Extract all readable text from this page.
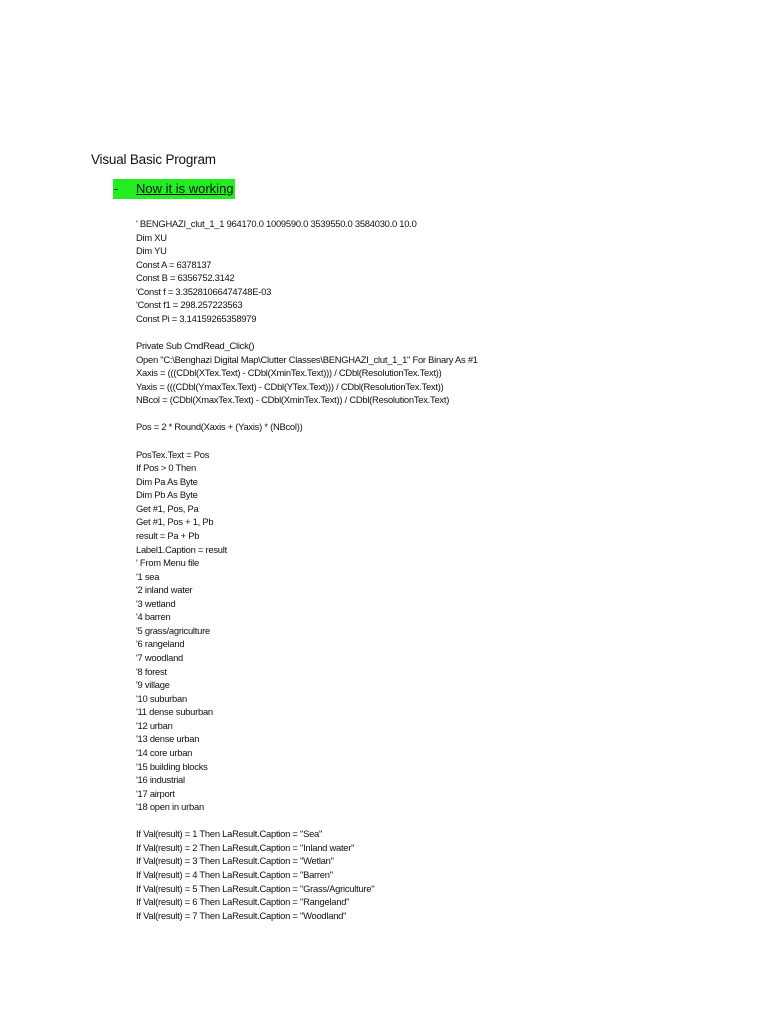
Visual Basic Program
- Now it is working
' BENGHAZI_clut_1_1 964170.0 1009590.0 3539550.0 3584030.0 10.0
Dim XU
Dim YU
Const A = 6378137
Const B = 6356752.3142
'Const f = 3.35281066474748E-03
'Const f1 = 298.257223563
Const Pi = 3.14159265358979
Private Sub CmdRead_Click()
Open "C:\Benghazi Digital Map\Clutter Classes\BENGHAZI_clut_1_1" For Binary As #1
Xaxis = (((CDbl(XTex.Text) - CDbl(XminTex.Text))) / CDbl(ResolutionTex.Text))
Yaxis = (((CDbl(YmaxTex.Text) - CDbl(YTex.Text))) / CDbl(ResolutionTex.Text))
NBcol = (CDbl(XmaxTex.Text) - CDbl(XminTex.Text)) / CDbl(ResolutionTex.Text)
Pos = 2 * Round(Xaxis + (Yaxis) * (NBcol))
PosTex.Text = Pos
If Pos > 0 Then
Dim Pa As Byte
Dim Pb As Byte
Get #1, Pos, Pa
Get #1, Pos + 1, Pb
result = Pa + Pb
Label1.Caption = result
' From Menu file
'1 sea
'2 inland water
'3 wetland
'4 barren
'5 grass/agriculture
'6 rangeland
'7 woodland
'8 forest
'9 village
'10 suburban
'11 dense suburban
'12 urban
'13 dense urban
'14 core urban
'15 building blocks
'16 industrial
'17 airport
'18 open in urban
If Val(result) = 1 Then LaResult.Caption = "Sea"
If Val(result) = 2 Then LaResult.Caption = "Inland water"
If Val(result) = 3 Then LaResult.Caption = "Wetlan"
If Val(result) = 4 Then LaResult.Caption = "Barren"
If Val(result) = 5 Then LaResult.Caption = "Grass/Agriculture"
If Val(result) = 6 Then LaResult.Caption = "Rangeland"
If Val(result) = 7 Then LaResult.Caption = "Woodland"
